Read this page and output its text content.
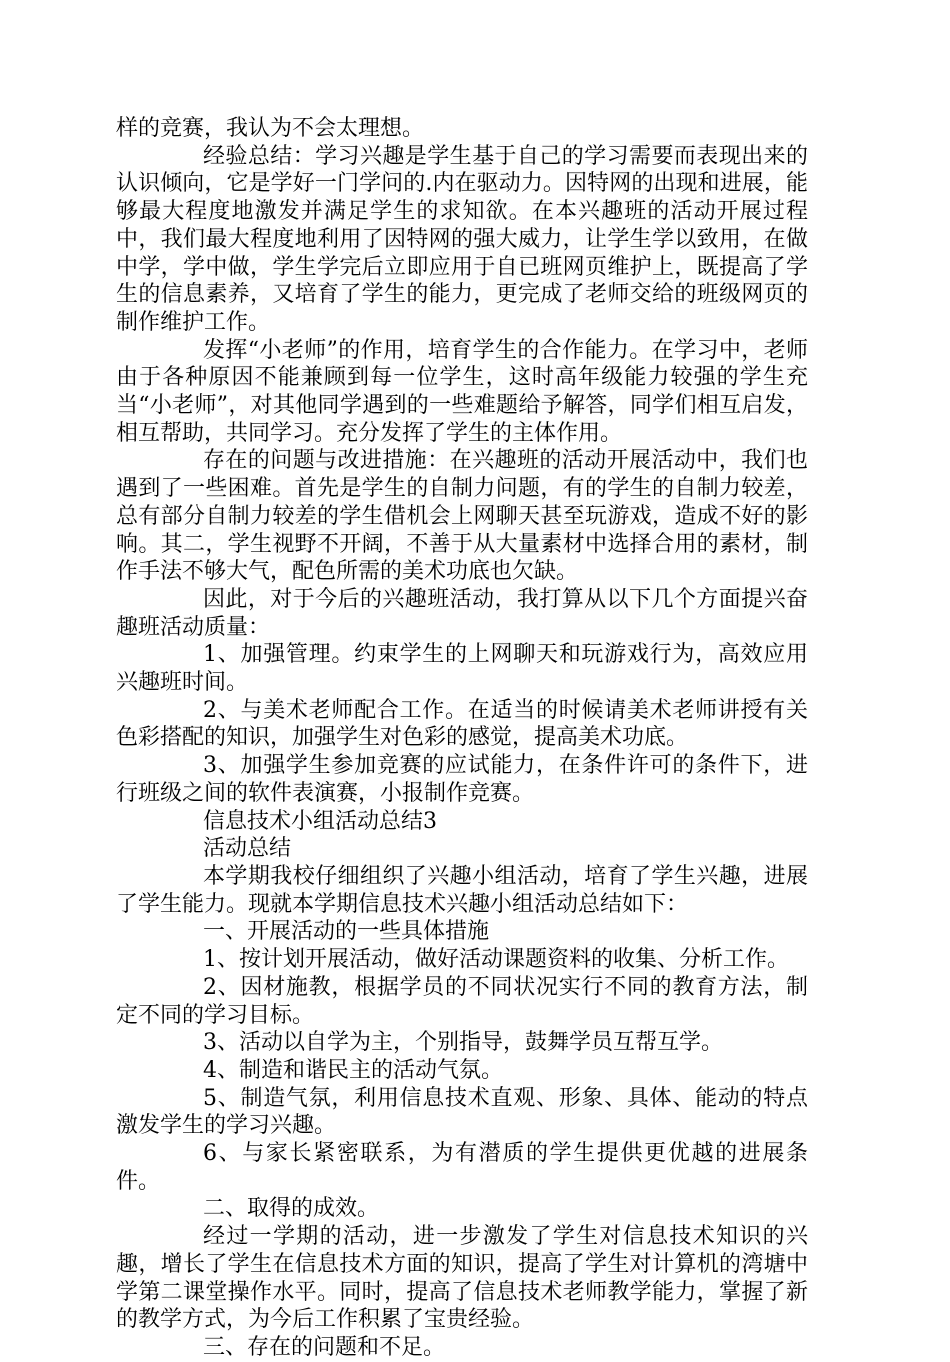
样的竞赛，我认为不会太理想。

经验总结：学习兴趣是学生基于自己的学习需要而表现出来的认识倾向，它是学好一门学问的.内在驱动力。因特网的出现和进展，能够最大程度地激发并满足学生的求知欲。在本兴趣班的活动开展过程中，我们最大程度地利用了因特网的强大威力，让学生学以致用，在做中学，学中做，学生学完后立即应用于自已班网页维护上，既提高了学生的信息素养，又培育了学生的能力，更完成了老师交给的班级网页的制作维护工作。

发挥“小老师”的作用，培育学生的合作能力。在学习中，老师由于各种原因不能兼顾到每一位学生，这时高年级能力较强的学生充当“小老师”，对其他同学遇到的一些难题给予解答，同学们相互启发，相互帮助，共同学习。充分发挥了学生的主体作用。

存在的问题与改进措施：在兴趣班的活动开展活动中，我们也遇到了一些困难。首先是学生的自制力问题，有的学生的自制力较差，总有部分自制力较差的学生借机会上网聊天甚至玩游戏，造成不好的影响。其二，学生视野不开阔，不善于从大量素材中选择合用的素材，制作手法不够大气，配色所需的美术功底也欠缺。

因此，对于今后的兴趣班活动，我打算从以下几个方面提兴奋趣班活动质量：

1、加强管理。约束学生的上网聊天和玩游戏行为，高效应用兴趣班时间。

2、与美术老师配合工作。在适当的时候请美术老师讲授有关色彩搭配的知识，加强学生对色彩的感觉，提高美术功底。

3、加强学生参加竞赛的应试能力，在条件许可的条件下，进行班级之间的软件表演赛，小报制作竞赛。

信息技术小组活动总结3

活动总结

本学期我校仔细组织了兴趣小组活动，培育了学生兴趣，进展了学生能力。现就本学期信息技术兴趣小组活动总结如下：

一、开展活动的一些具体措施

1、按计划开展活动，做好活动课题资料的收集、分析工作。

2、因材施教，根据学员的不同状况实行不同的教育方法，制定不同的学习目标。

3、活动以自学为主，个别指导，鼓舞学员互帮互学。

4、制造和谐民主的活动气氛。

5、制造气氛，利用信息技术直观、形象、具体、能动的特点激发学生的学习兴趣。

6、与家长紧密联系，为有潜质的学生提供更优越的进展条件。

二、取得的成效。

经过一学期的活动，进一步激发了学生对信息技术知识的兴趣，增长了学生在信息技术方面的知识，提高了学生对计算机的湾塘中学第二课堂操作水平。同时，提高了信息技术老师教学能力，掌握了新的教学方式，为今后工作积累了宝贵经验。

三、存在的问题和不足。
